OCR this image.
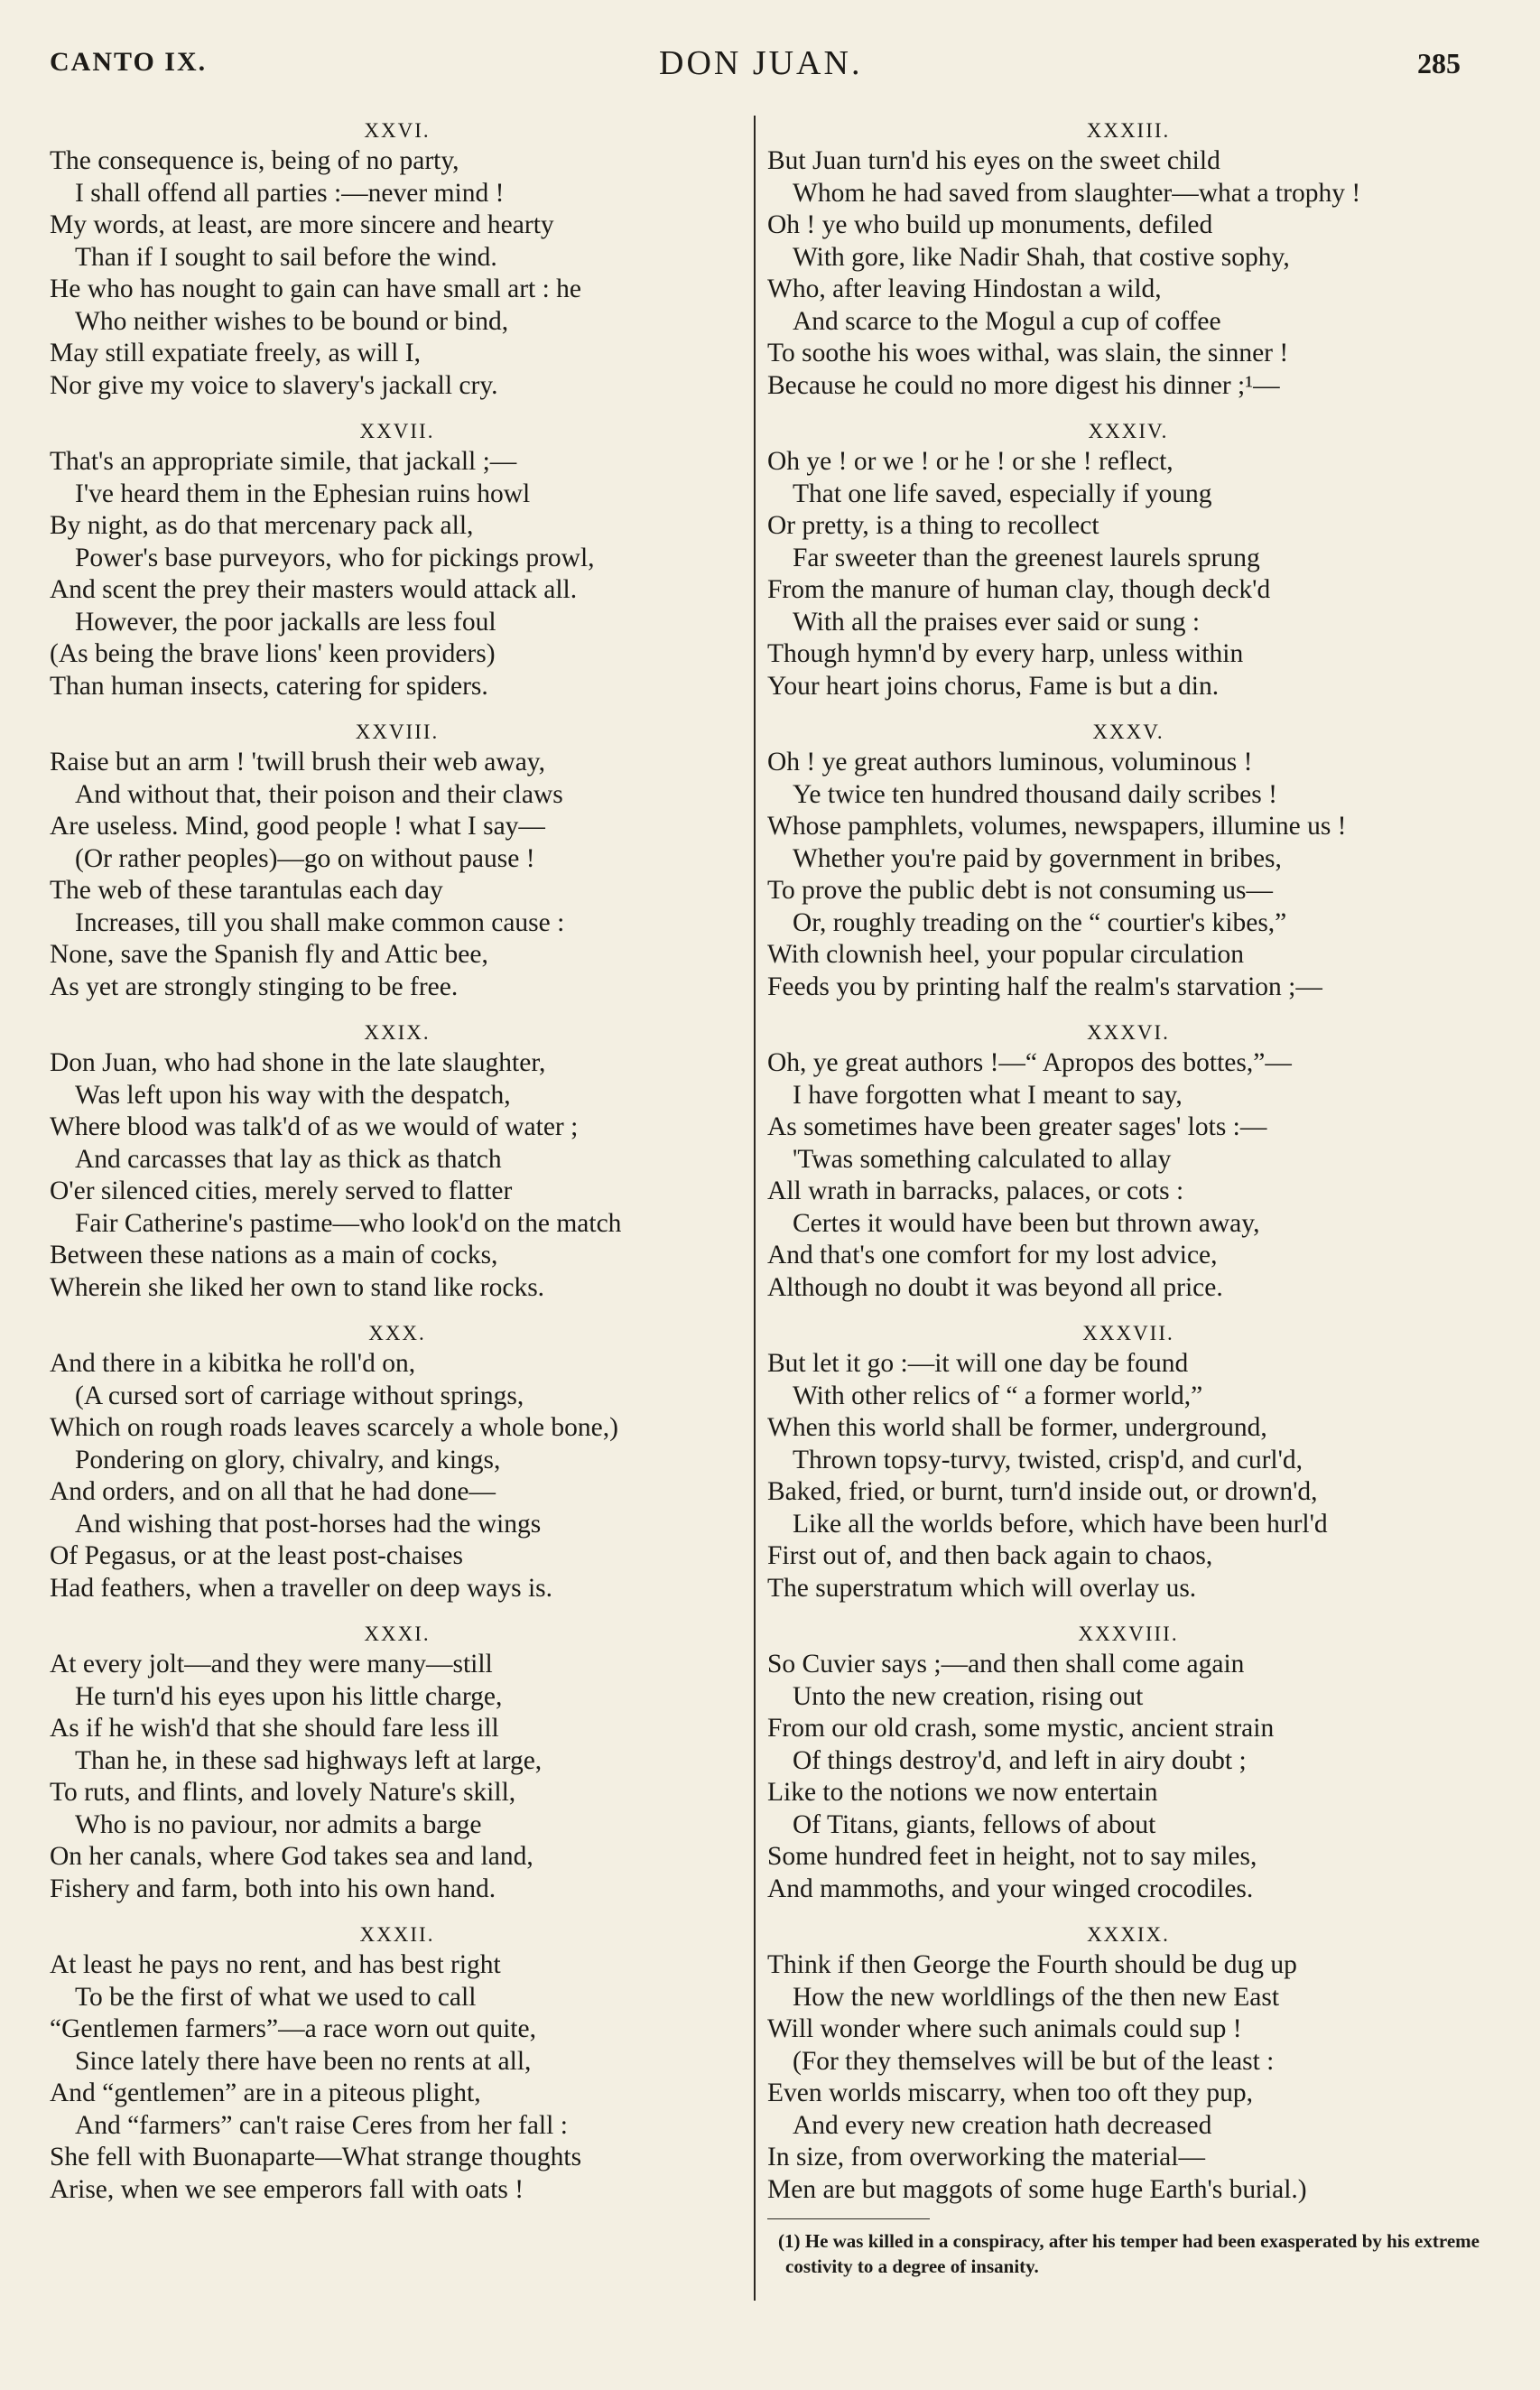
CANTO IX.	DON JUAN.	285
XXVI.
The consequence is, being of no party,
I shall offend all parties :—never mind !
My words, at least, are more sincere and hearty
Than if I sought to sail before the wind.
He who has nought to gain can have small art : he
Who neither wishes to be bound or bind,
May still expatiate freely, as will I,
Nor give my voice to slavery's jackall cry.
XXVII.
That's an appropriate simile, that jackall ;—
I've heard them in the Ephesian ruins howl
By night, as do that mercenary pack all,
Power's base purveyors, who for pickings prowl,
And scent the prey their masters would attack all.
However, the poor jackalls are less foul
(As being the brave lions' keen providers)
Than human insects, catering for spiders.
XXVIII.
Raise but an arm ! 'twill brush their web away,
And without that, their poison and their claws
Are useless. Mind, good people ! what I say—
(Or rather peoples)—go on without pause !
The web of these tarantulas each day
Increases, till you shall make common cause :
None, save the Spanish fly and Attic bee,
As yet are strongly stinging to be free.
XXIX.
Don Juan, who had shone in the late slaughter,
Was left upon his way with the despatch,
Where blood was talk'd of as we would of water ;
And carcasses that lay as thick as thatch
O'er silenced cities, merely served to flatter
Fair Catherine's pastime—who look'd on the match
Between these nations as a main of cocks,
Wherein she liked her own to stand like rocks.
XXX.
And there in a kibitka he roll'd on,
(A cursed sort of carriage without springs,
Which on rough roads leaves scarcely a whole bone,)
Pondering on glory, chivalry, and kings,
And orders, and on all that he had done—
And wishing that post-horses had the wings
Of Pegasus, or at the least post-chaises
Had feathers, when a traveller on deep ways is.
XXXI.
At every jolt—and they were many—still
He turn'd his eyes upon his little charge,
As if he wish'd that she should fare less ill
Than he, in these sad highways left at large,
To ruts, and flints, and lovely Nature's skill,
Who is no paviour, nor admits a barge
On her canals, where God takes sea and land,
Fishery and farm, both into his own hand.
XXXII.
At least he pays no rent, and has best right
To be the first of what we used to call
“Gentlemen farmers”—a race worn out quite,
Since lately there have been no rents at all,
And “gentlemen” are in a piteous plight,
And “farmers” can't raise Ceres from her fall :
She fell with Buonaparte—What strange thoughts
Arise, when we see emperors fall with oats !
XXXIII.
But Juan turn'd his eyes on the sweet child
Whom he had saved from slaughter—what a trophy !
Oh ! ye who build up monuments, defiled
With gore, like Nadir Shah, that costive sophy,
Who, after leaving Hindostan a wild,
And scarce to the Mogul a cup of coffee
To soothe his woes withal, was slain, the sinner !
Because he could no more digest his dinner ;¹—
XXXIV.
Oh ye ! or we ! or he ! or she ! reflect,
That one life saved, especially if young
Or pretty, is a thing to recollect
Far sweeter than the greenest laurels sprung
From the manure of human clay, though deck'd
With all the praises ever said or sung :
Though hymn'd by every harp, unless within
Your heart joins chorus, Fame is but a din.
XXXV.
Oh ! ye great authors luminous, voluminous !
Ye twice ten hundred thousand daily scribes !
Whose pamphlets, volumes, newspapers, illumine us !
Whether you're paid by government in bribes,
To prove the public debt is not consuming us—
Or, roughly treading on the “ courtier's kibes,”
With clownish heel, your popular circulation
Feeds you by printing half the realm's starvation ;—
XXXVI.
Oh, ye great authors !—“ Apropos des bottes,”—
I have forgotten what I meant to say,
As sometimes have been greater sages' lots :—
'Twas something calculated to allay
All wrath in barracks, palaces, or cots :
Certes it would have been but thrown away,
And that's one comfort for my lost advice,
Although no doubt it was beyond all price.
XXXVII.
But let it go :—it will one day be found
With other relics of “ a former world,”
When this world shall be former, underground,
Thrown topsy-turvy, twisted, crisp'd, and curl'd,
Baked, fried, or burnt, turn'd inside out, or drown'd,
Like all the worlds before, which have been hurl'd
First out of, and then back again to chaos,
The superstratum which will overlay us.
XXXVIII.
So Cuvier says ;—and then shall come again
Unto the new creation, rising out
From our old crash, some mystic, ancient strain
Of things destroy'd, and left in airy doubt ;
Like to the notions we now entertain
Of Titans, giants, fellows of about
Some hundred feet in height, not to say miles,
And mammoths, and your winged crocodiles.
XXXIX.
Think if then George the Fourth should be dug up
How the new worldlings of the then new East
Will wonder where such animals could sup !
(For they themselves will be but of the least :
Even worlds miscarry, when too oft they pup,
And every new creation hath decreased
In size, from overworking the material—
Men are but maggots of some huge Earth's burial.)
(1) He was killed in a conspiracy, after his temper had been exasperated by his extreme costivity to a degree of insanity.
